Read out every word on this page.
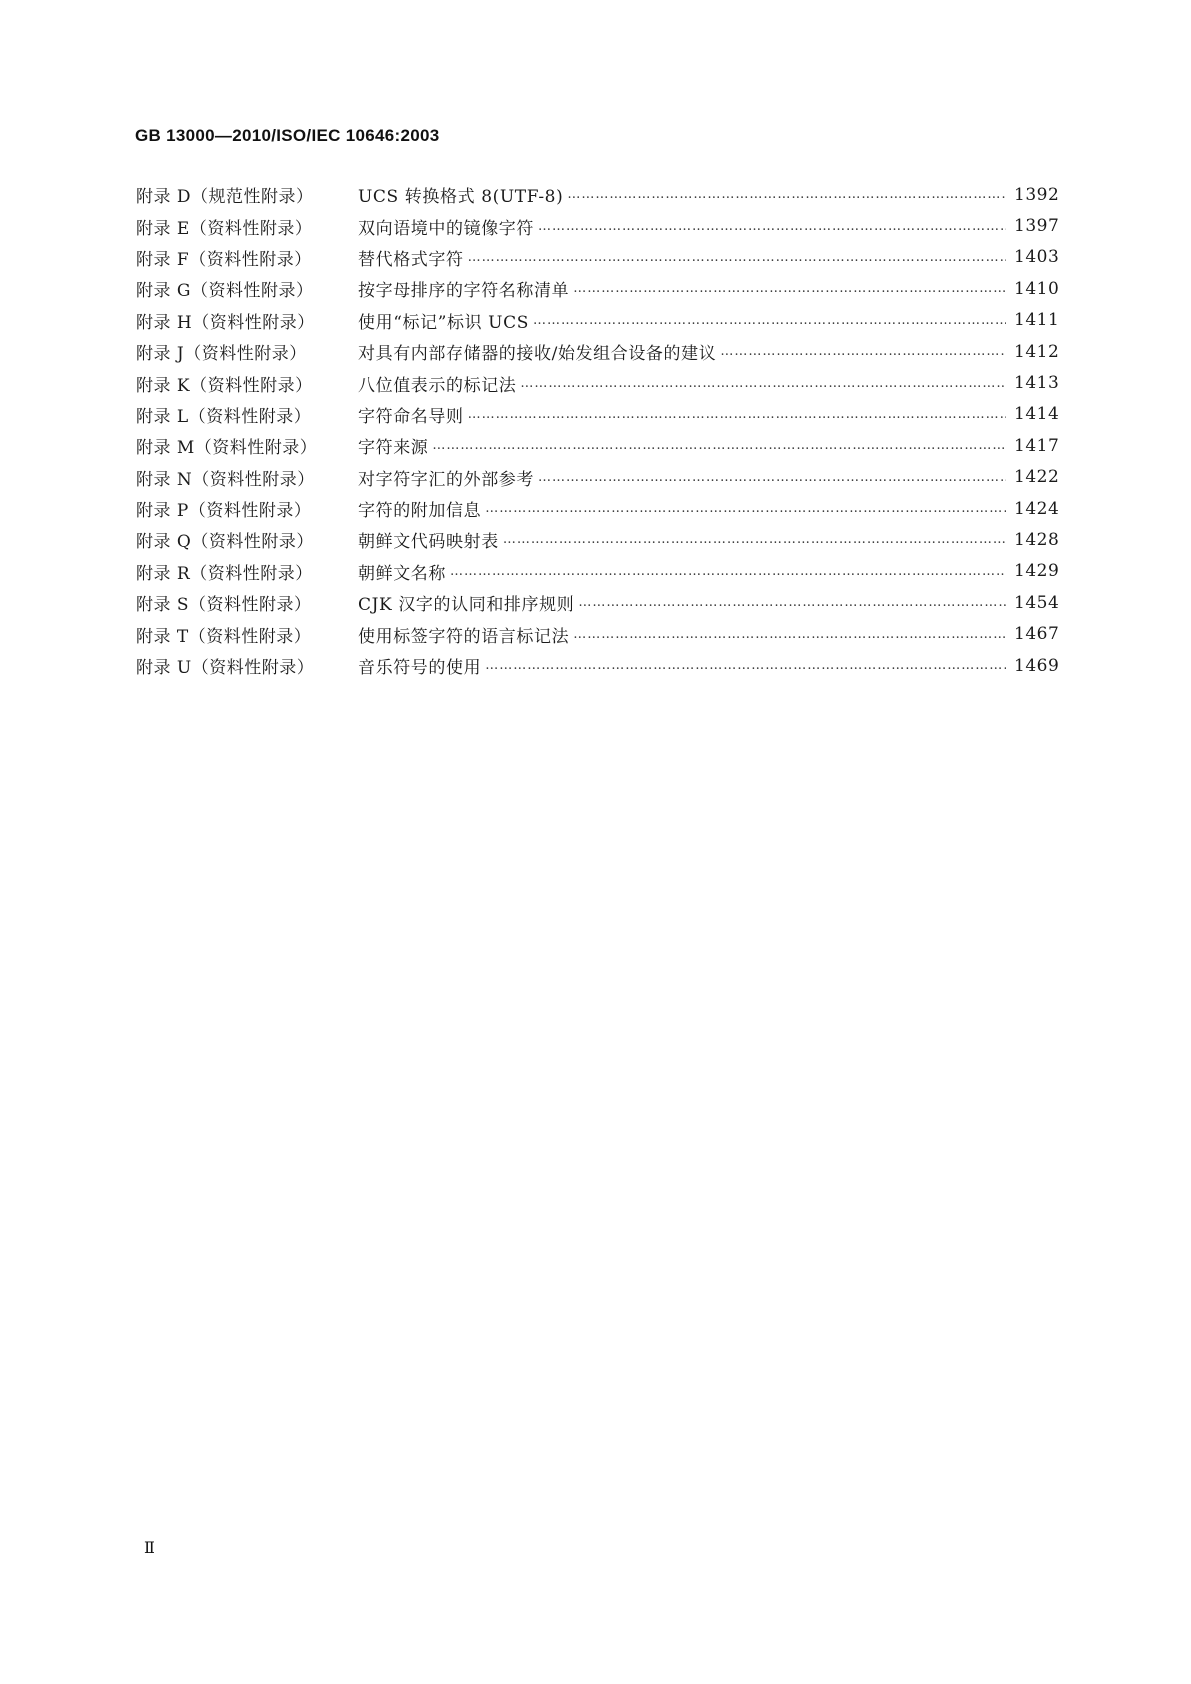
GB 13000—2010/ISO/IEC 10646:2003
附录 D（规范性附录）	UCS 转换格式 8(UTF-8) …………………………………………………………………………………………………………………………………………………………………………………………………………	1392
附录 E（资料性附录）	双向语境中的镜像字符 …………………………………………………………………………………………………………………………………………………………………………………………………………	1397
附录 F（资料性附录）	替代格式字符 …………………………………………………………………………………………………………………………………………………………………………………………………………	1403
附录 G（资料性附录）	按字母排序的字符名称清单 …………………………………………………………………………………………………………………………………………………………………………………………………………	1410
附录 H（资料性附录）	使用“标记”标识 UCS …………………………………………………………………………………………………………………………………………………………………………………………………………	1411
附录 J（资料性附录）	对具有内部存储器的接收/始发组合设备的建议 …………………………………………………………………………………………………………………………………………………………………………………………………………	1412
附录 K（资料性附录）	八位值表示的标记法 …………………………………………………………………………………………………………………………………………………………………………………………………………	1413
附录 L（资料性附录）	字符命名导则 …………………………………………………………………………………………………………………………………………………………………………………………………………	1414
附录 M（资料性附录）	字符来源 …………………………………………………………………………………………………………………………………………………………………………………………………………	1417
附录 N（资料性附录）	对字符字汇的外部参考 …………………………………………………………………………………………………………………………………………………………………………………………………………	1422
附录 P（资料性附录）	字符的附加信息 …………………………………………………………………………………………………………………………………………………………………………………………………………	1424
附录 Q（资料性附录）	朝鲜文代码映射表 …………………………………………………………………………………………………………………………………………………………………………………………………………	1428
附录 R（资料性附录）	朝鲜文名称 …………………………………………………………………………………………………………………………………………………………………………………………………………	1429
附录 S（资料性附录）	CJK 汉字的认同和排序规则 …………………………………………………………………………………………………………………………………………………………………………………………………………	1454
附录 T（资料性附录）	使用标签字符的语言标记法 …………………………………………………………………………………………………………………………………………………………………………………………………………	1467
附录 U（资料性附录）	音乐符号的使用 …………………………………………………………………………………………………………………………………………………………………………………………………………	1469
Ⅱ
